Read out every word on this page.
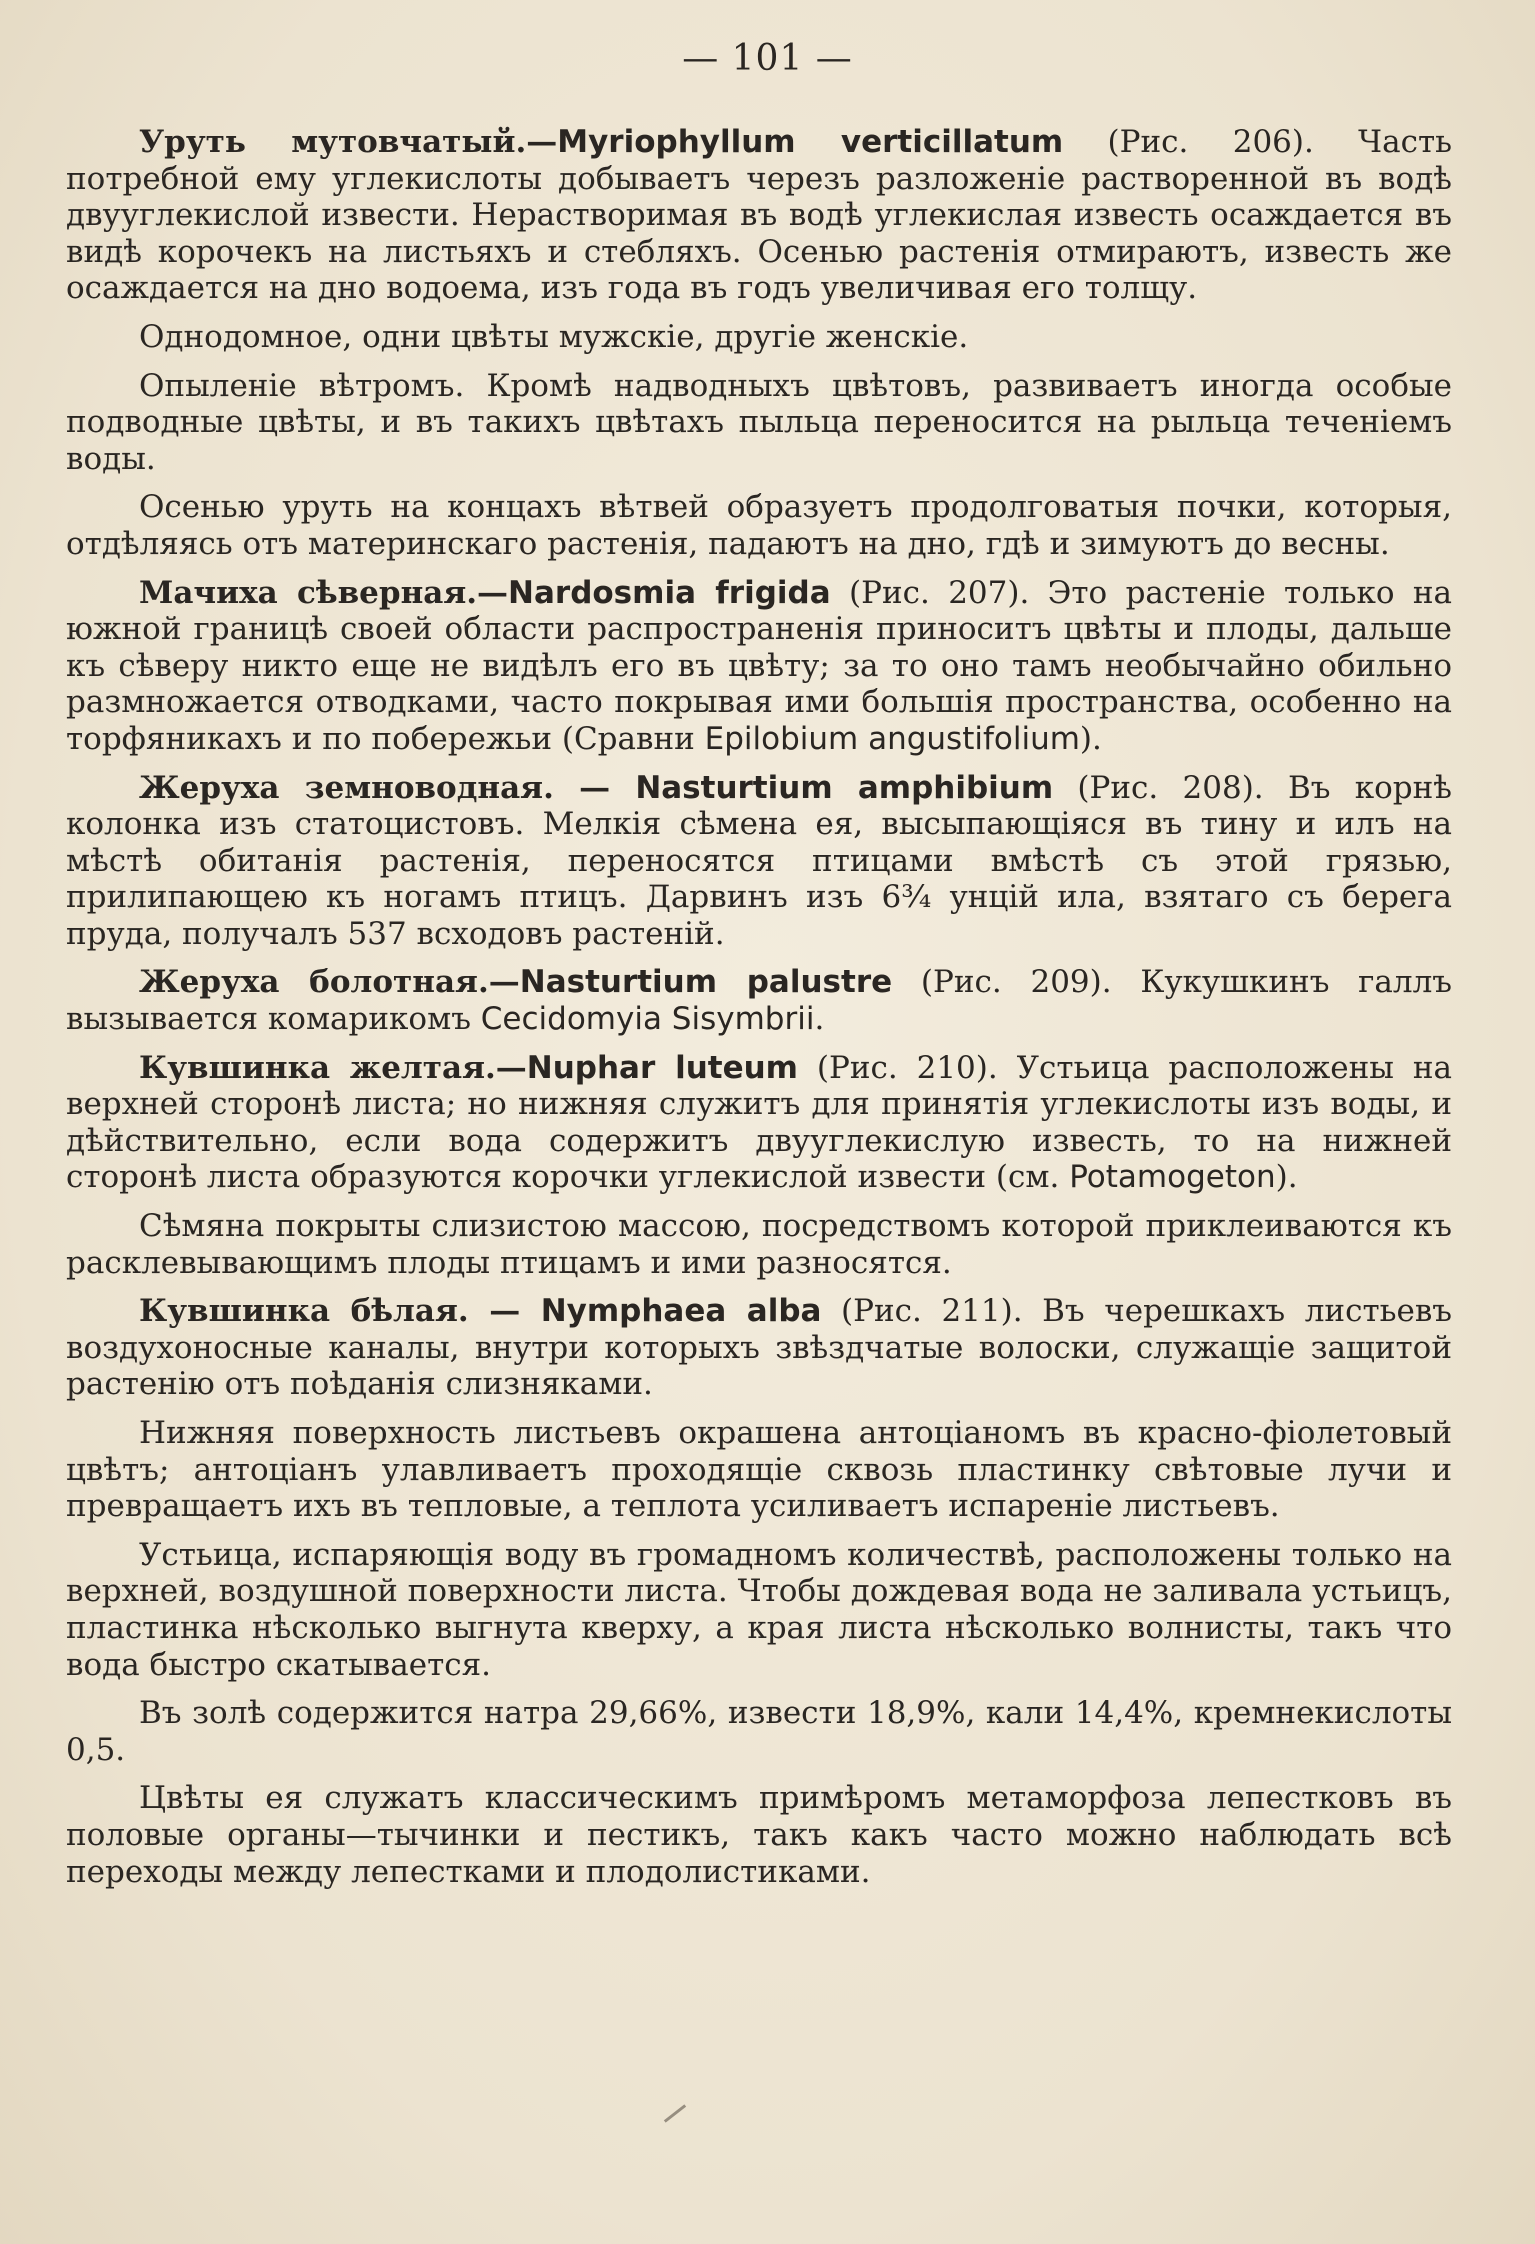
— 101 —

Уруть мутовчатый.—Myriophyllum verticillatum (Рис. 206). Часть потребной ему углекислоты добываетъ черезъ разложеніе растворенной въ водѣ двууглекислой извести. Нерастворимая въ водѣ углекислая известь осаждается въ видѣ корочекъ на листьяхъ и стебляхъ. Осенью растенія отмираютъ, известь же осаждается на дно водоема, изъ года въ годъ увеличивая его толщу.

Однодомное, одни цвѣты мужскіе, другіе женскіе.

Опыленіе вѣтромъ. Кромѣ надводныхъ цвѣтовъ, развиваетъ иногда особые подводные цвѣты, и въ такихъ цвѣтахъ пыльца переносится на рыльца теченіемъ воды.

Осенью уруть на концахъ вѣтвей образуетъ продолговатыя почки, которыя, отдѣляясь отъ материнскаго растенія, падаютъ на дно, гдѣ и зимуютъ до весны.

Мачиха сѣверная.—Nardosmia frigida (Рис. 207). Это растеніе только на южной границѣ своей области распространенія приноситъ цвѣты и плоды, дальше къ сѣверу никто еще не видѣлъ его въ цвѣту; за то оно тамъ необычайно обильно размножается отводками, часто покрывая ими большія пространства, особенно на торфяникахъ и по побережьи (Сравни Epilobium angustifolium).

Жеруха земноводная. — Nasturtium amphibium (Рис. 208). Въ корнѣ колонка изъ статоцистовъ. Мелкія сѣмена ея, высыпающіяся въ тину и илъ на мѣстѣ обитанія растенія, переносятся птицами вмѣстѣ съ этой грязью, прилипающею къ ногамъ птицъ. Дарвинъ изъ 6¾ унцій ила, взятаго съ берега пруда, получалъ 537 всходовъ растеній.

Жеруха болотная.—Nasturtium palustre (Рис. 209). Кукушкинъ галлъ вызывается комарикомъ Cecidomyia Sisymbrii.

Кувшинка желтая.—Nuphar luteum (Рис. 210). Устьица расположены на верхней сторонѣ листа; но нижняя служитъ для принятія углекислоты изъ воды, и дѣйствительно, если вода содержитъ двууглекислую известь, то на нижней сторонѣ листа образуются корочки углекислой извести (см. Potamogeton).

Сѣмяна покрыты слизистою массою, посредствомъ которой приклеиваются къ расклевывающимъ плоды птицамъ и ими разносятся.

Кувшинка бѣлая. — Nymphaea alba (Рис. 211). Въ черешкахъ листьевъ воздухоносные каналы, внутри которыхъ звѣздчатые волоски, служащіе защитой растенію отъ поѣданія слизняками.

Нижняя поверхность листьевъ окрашена антоціаномъ въ красно-фіолетовый цвѣтъ; антоціанъ улавливаетъ проходящіе сквозь пластинку свѣтовые лучи и превращаетъ ихъ въ тепловые, а теплота усиливаетъ испареніе листьевъ.

Устьица, испаряющія воду въ громадномъ количествѣ, расположены только на верхней, воздушной поверхности листа. Чтобы дождевая вода не заливала устьицъ, пластинка нѣсколько выгнута кверху, а края листа нѣсколько волнисты, такъ что вода быстро скатывается.

Въ золѣ содержится натра 29,66%, извести 18,9%, кали 14,4%, кремнекислоты 0,5.

Цвѣты ея служатъ классическимъ примѣромъ метаморфоза лепестковъ въ половые органы—тычинки и пестикъ, такъ какъ часто можно наблюдать всѣ переходы между лепестками и плодолистиками.
